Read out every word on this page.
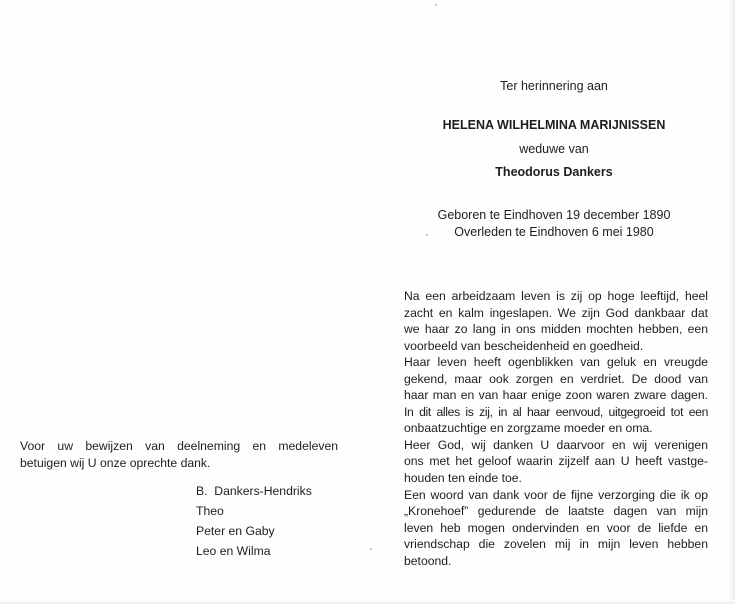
Ter herinnering aan
HELENA WILHELMINA MARIJNISSEN
weduwe van
Theodorus Dankers
Geboren te Eindhoven 19 december 1890
Overleden te Eindhoven 6 mei 1980
Na een arbeidzaam leven is zij op hoge leeftijd, heel
zacht en kalm ingeslapen. We zijn God dankbaar dat
we haar zo lang in ons midden mochten hebben, een
voorbeeld van bescheidenheid en goedheid.
Haar leven heeft ogenblikken van geluk en vreugde
gekend, maar ook zorgen en verdriet. De dood van
haar man en van haar enige zoon waren zware dagen.
In dit alles is zij, in al haar eenvoud, uitgegroeid tot een
onbaatzuchtige en zorgzame moeder en oma.
Heer God, wij danken U daarvoor en wij verenigen
ons met het geloof waarin zijzelf aan U heeft vastge-
houden ten einde toe.
Een woord van dank voor de fijne verzorging die ik op
„Kronehoef” gedurende de laatste dagen van mijn
leven heb mogen ondervinden en voor de liefde en
vriendschap die zovelen mij in mijn leven hebben
betoond.
Voor uw bewijzen van deelneming en medeleven
betuigen wij U onze oprechte dank.
B.  Dankers-Hendriks
Theo
Peter en Gaby
Leo en Wilma
